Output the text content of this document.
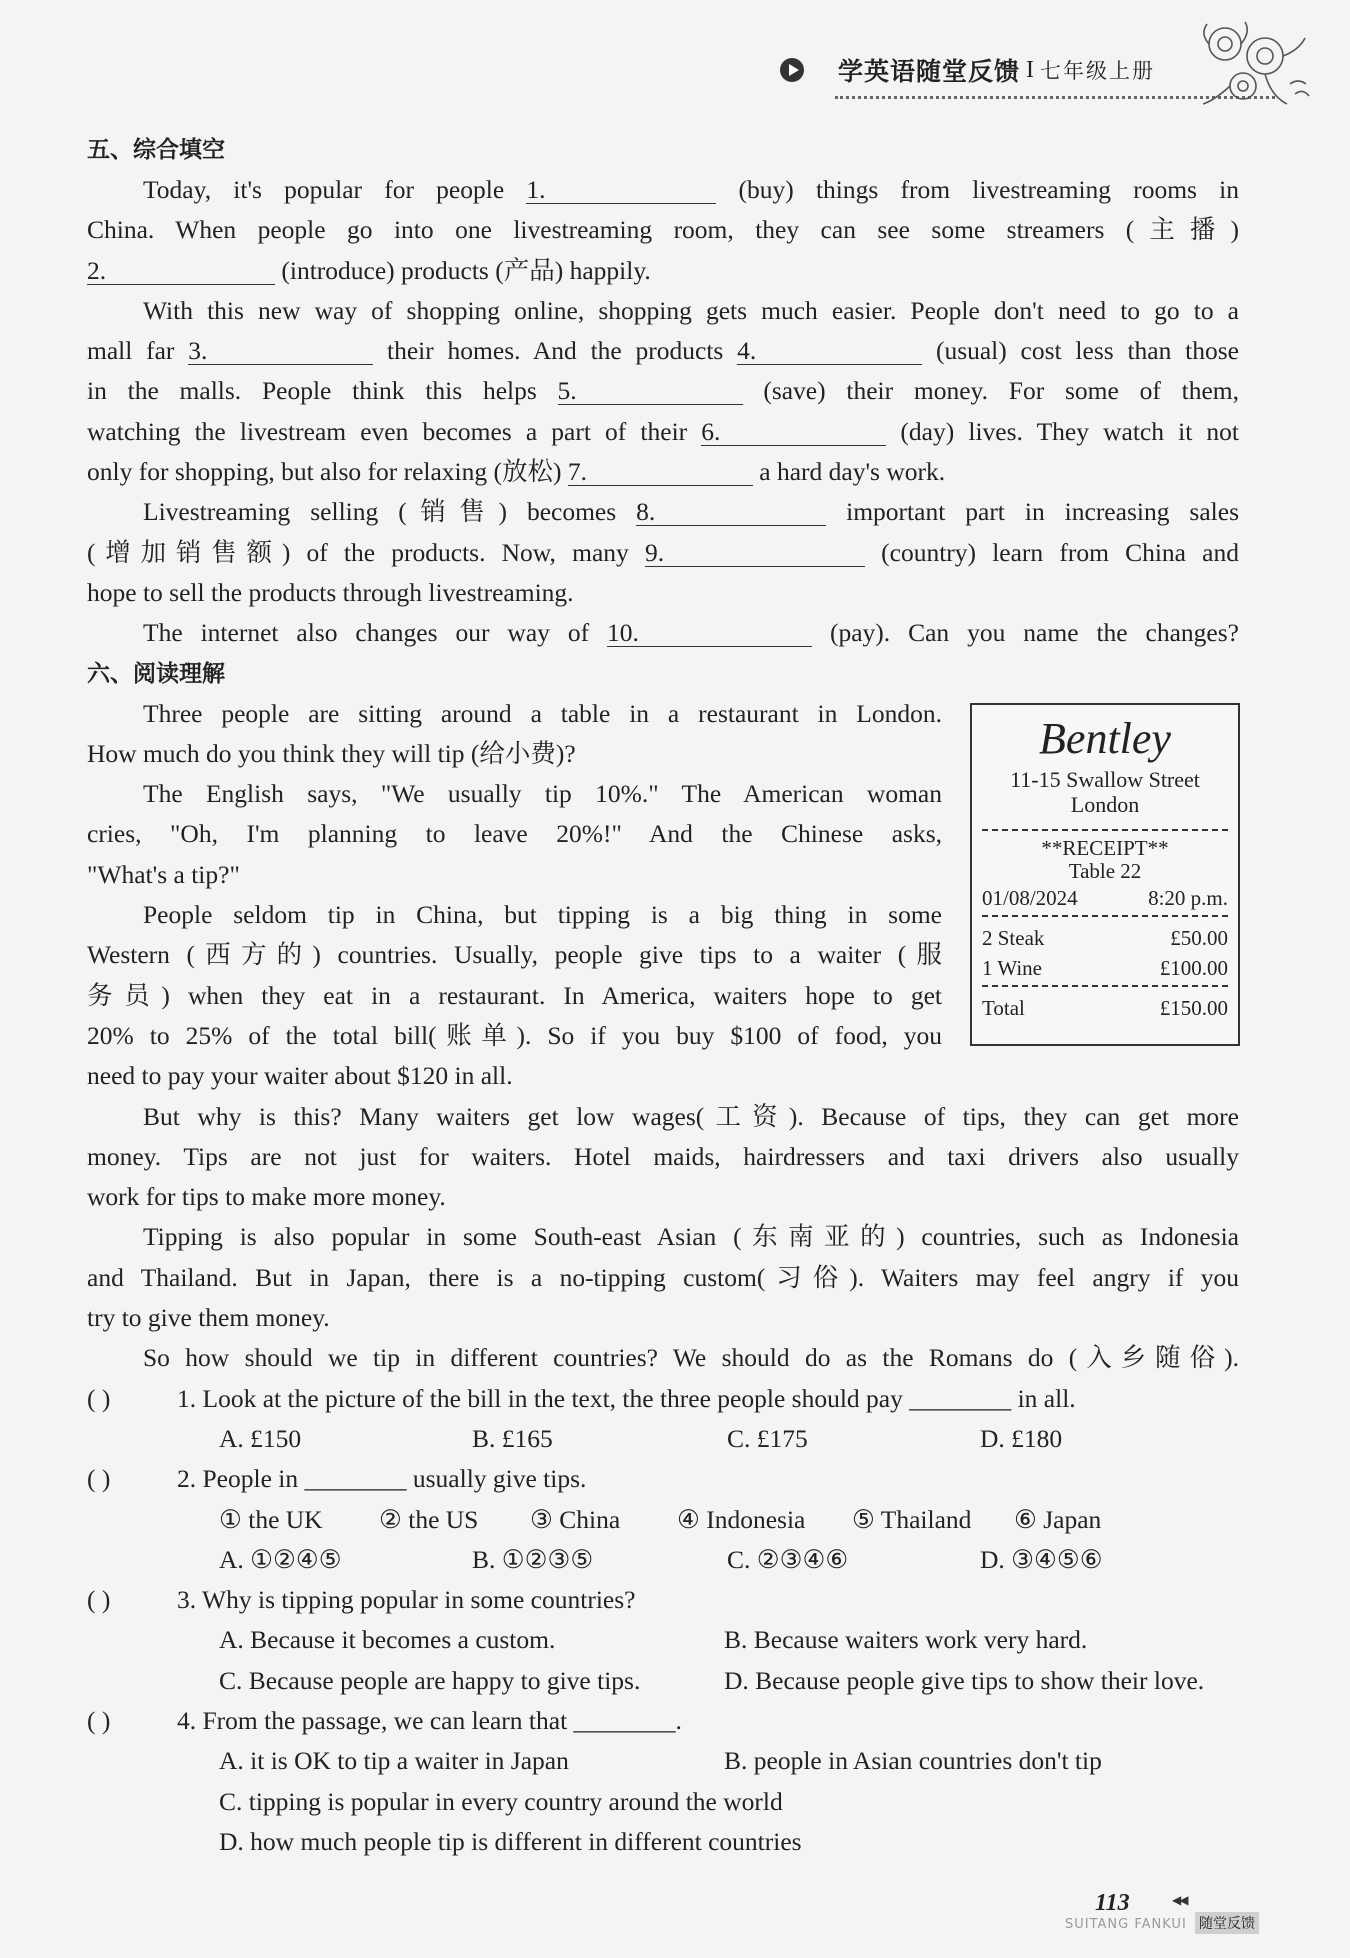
学英语随堂反馈 I 七年级上册
五、综合填空
Today, it's popular for people 1.	(buy) things from livestreaming rooms in
China. When people go into one livestreaming room, they can see some streamers (主播)
2.	(introduce) products (产品) happily.
With this new way of shopping online, shopping gets much easier. People don't need to go to a
mall far 3.	their homes. And the products 4.	(usual) cost less than those
in the malls. People think this helps 5.	(save) their money. For some of them,
watching the livestream even becomes a part of their 6.	(day) lives. They watch it not
only for shopping, but also for relaxing (放松) 7.	a hard day's work.
Livestreaming selling (销售) becomes 8.	important part in increasing sales
(增加销售额) of the products. Now, many 9.	(country) learn from China and
hope to sell the products through livestreaming.
The internet also changes our way of 10.	(pay). Can you name the changes?
六、阅读理解
Three people are sitting around a table in a restaurant in London.
How much do you think they will tip (给小费)?
The English says, "We usually tip 10%." The American woman
cries, "Oh, I'm planning to leave 20%!" And the Chinese asks,
"What's a tip?"
People seldom tip in China, but tipping is a big thing in some
Western (西方的) countries. Usually, people give tips to a waiter (服
务员) when they eat in a restaurant. In America, waiters hope to get
20% to 25% of the total bill(账单). So if you buy $100 of food, you
need to pay your waiter about $120 in all.
But why is this? Many waiters get low wages(工资). Because of tips, they can get more
money. Tips are not just for waiters. Hotel maids, hairdressers and taxi drivers also usually
work for tips to make more money.
Tipping is also popular in some South-east Asian (东南亚的) countries, such as Indonesia
and Thailand. But in Japan, there is a no-tipping custom(习俗). Waiters may feel angry if you
try to give them money.
So how should we tip in different countries? We should do as the Romans do (入乡随俗).
( )	1. Look at the picture of the bill in the text, the three people should pay ________ in all.
A. £150	B. £165	C. £175	D. £180
( )	2. People in ________ usually give tips.
① the UK ② the US ③ China ④ Indonesia ⑤ Thailand ⑥ Japan
A. ①②④⑤	B. ①②③⑤	C. ②③④⑥	D. ③④⑤⑥
( )	3. Why is tipping popular in some countries?
A. Because it becomes a custom.	B. Because waiters work very hard.
C. Because people are happy to give tips.	D. Because people give tips to show their love.
( )	4. From the passage, we can learn that ________.
A. it is OK to tip a waiter in Japan	B. people in Asian countries don't tip
C. tipping is popular in every country around the world
D. how much people tip is different in different countries
Bentley
11-15 Swallow Street
London
**RECEIPT**
Table 22
01/08/2024	8:20 p.m.
2 Steak	£50.00
1 Wine	£100.00
Total	£150.00
113	◀◀
SUITANG FANKUI 随堂反馈
